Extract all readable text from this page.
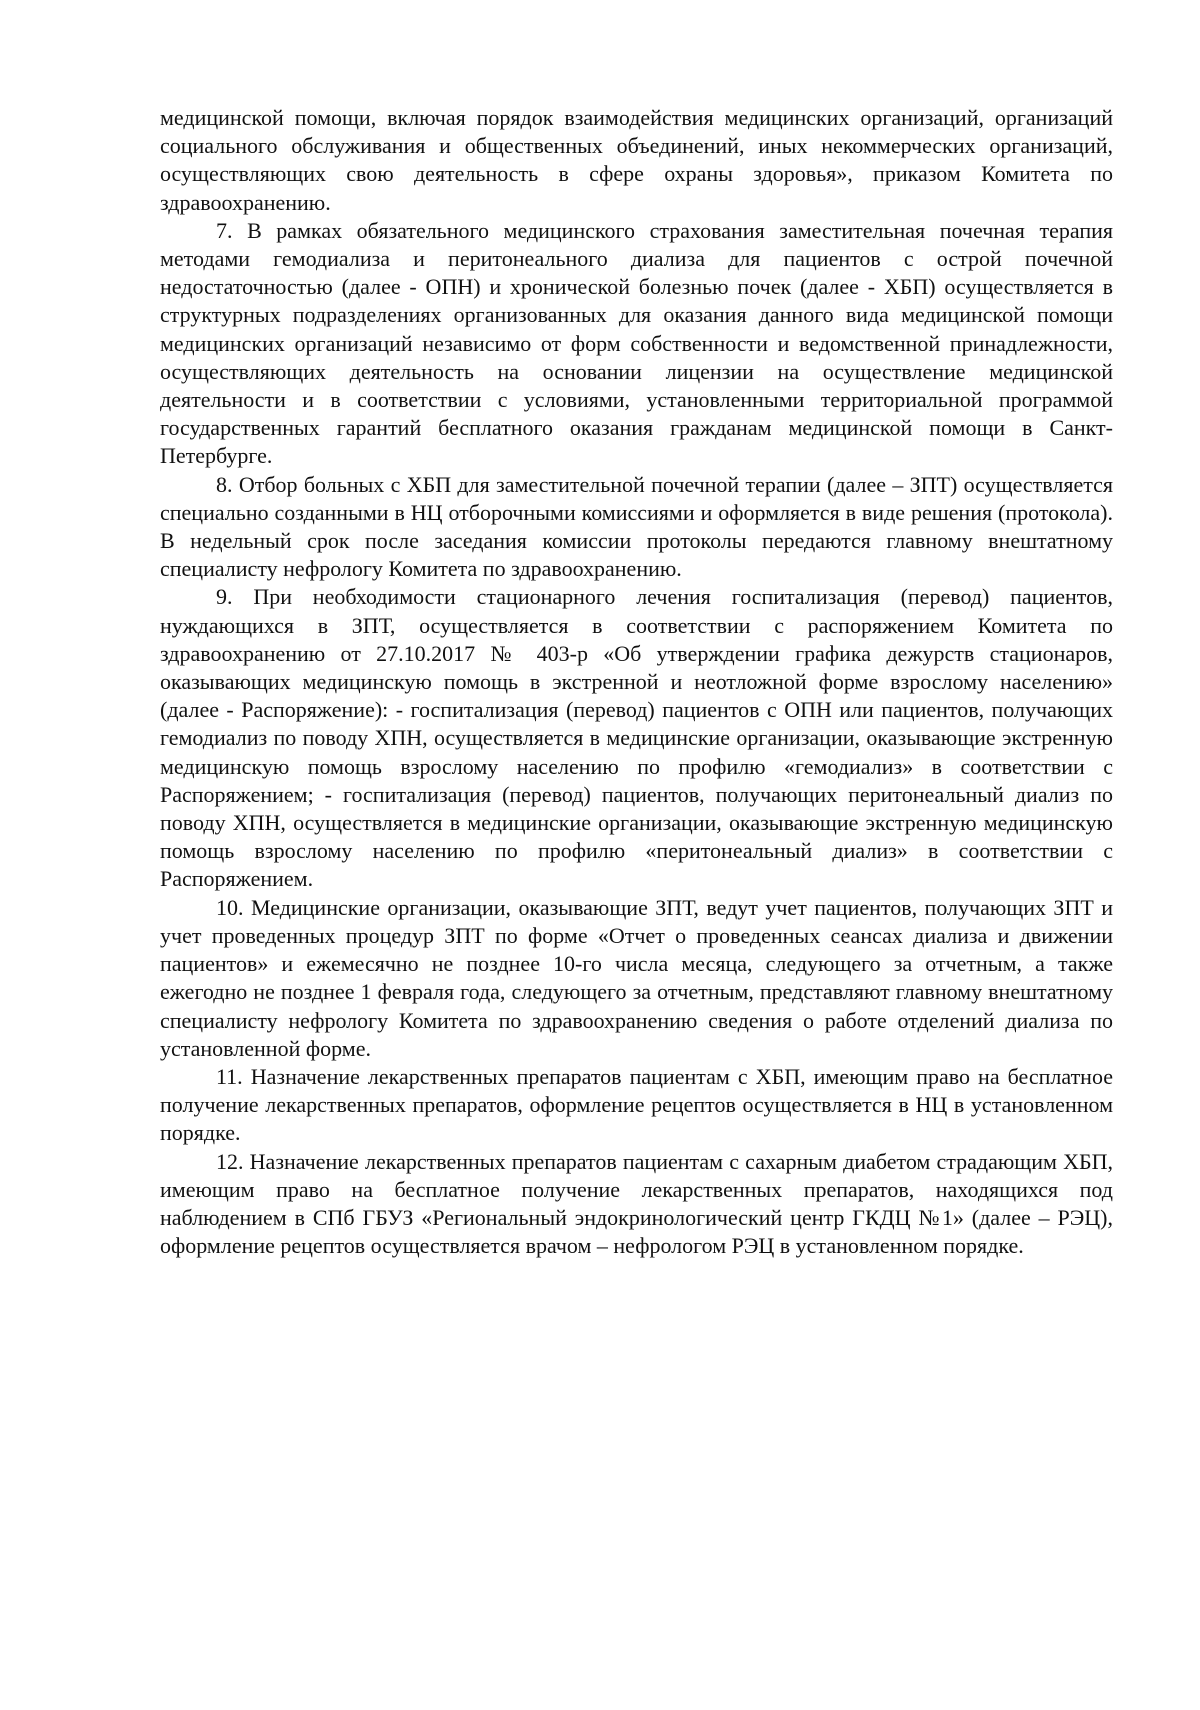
медицинской помощи, включая порядок взаимодействия медицинских организаций, организаций социального обслуживания и общественных объединений, иных некоммерческих организаций, осуществляющих свою деятельность в сфере охраны здоровья», приказом Комитета по здравоохранению.

7. В рамках обязательного медицинского страхования заместительная почечная терапия методами гемодиализа и перитонеального диализа для пациентов с острой почечной недостаточностью (далее - ОПН) и хронической болезнью почек (далее - ХБП) осуществляется в структурных подразделениях организованных для оказания данного вида медицинской помощи медицинских организаций независимо от форм собственности и ведомственной принадлежности, осуществляющих деятельность на основании лицензии на осуществление медицинской деятельности и в соответствии с условиями, установленными территориальной программой государственных гарантий бесплатного оказания гражданам медицинской помощи в Санкт-Петербурге.

8. Отбор больных с ХБП для заместительной почечной терапии (далее – ЗПТ) осуществляется специально созданными в НЦ отборочными комиссиями и оформляется в виде решения (протокола). В недельный срок после заседания комиссии протоколы передаются главному внештатному специалисту нефрологу Комитета по здравоохранению.

9. При необходимости стационарного лечения госпитализация (перевод) пациентов, нуждающихся в ЗПТ, осуществляется в соответствии с распоряжением Комитета по здравоохранению от 27.10.2017 № 403-р «Об утверждении графика дежурств стационаров, оказывающих медицинскую помощь в экстренной и неотложной форме взрослому населению» (далее - Распоряжение): - госпитализация (перевод) пациентов с ОПН или пациентов, получающих гемодиализ по поводу ХПН, осуществляется в медицинские организации, оказывающие экстренную медицинскую помощь взрослому населению по профилю «гемодиализ» в соответствии с Распоряжением; - госпитализация (перевод) пациентов, получающих перитонеальный диализ по поводу ХПН, осуществляется в медицинские организации, оказывающие экстренную медицинскую помощь взрослому населению по профилю «перитонеальный диализ» в соответствии с Распоряжением.

10. Медицинские организации, оказывающие ЗПТ, ведут учет пациентов, получающих ЗПТ и учет проведенных процедур ЗПТ по форме «Отчет о проведенных сеансах диализа и движении пациентов» и ежемесячно не позднее 10-го числа месяца, следующего за отчетным, а также ежегодно не позднее 1 февраля года, следующего за отчетным, представляют главному внештатному специалисту нефрологу Комитета по здравоохранению сведения о работе отделений диализа по установленной форме.

11. Назначение лекарственных препаратов пациентам с ХБП, имеющим право на бесплатное получение лекарственных препаратов, оформление рецептов осуществляется в НЦ в установленном порядке.

12. Назначение лекарственных препаратов пациентам с сахарным диабетом страдающим ХБП, имеющим право на бесплатное получение лекарственных препаратов, находящихся под наблюдением в СПб ГБУЗ «Региональный эндокринологический центр ГКДЦ №1» (далее – РЭЦ), оформление рецептов осуществляется врачом – нефрологом РЭЦ в установленном порядке.
